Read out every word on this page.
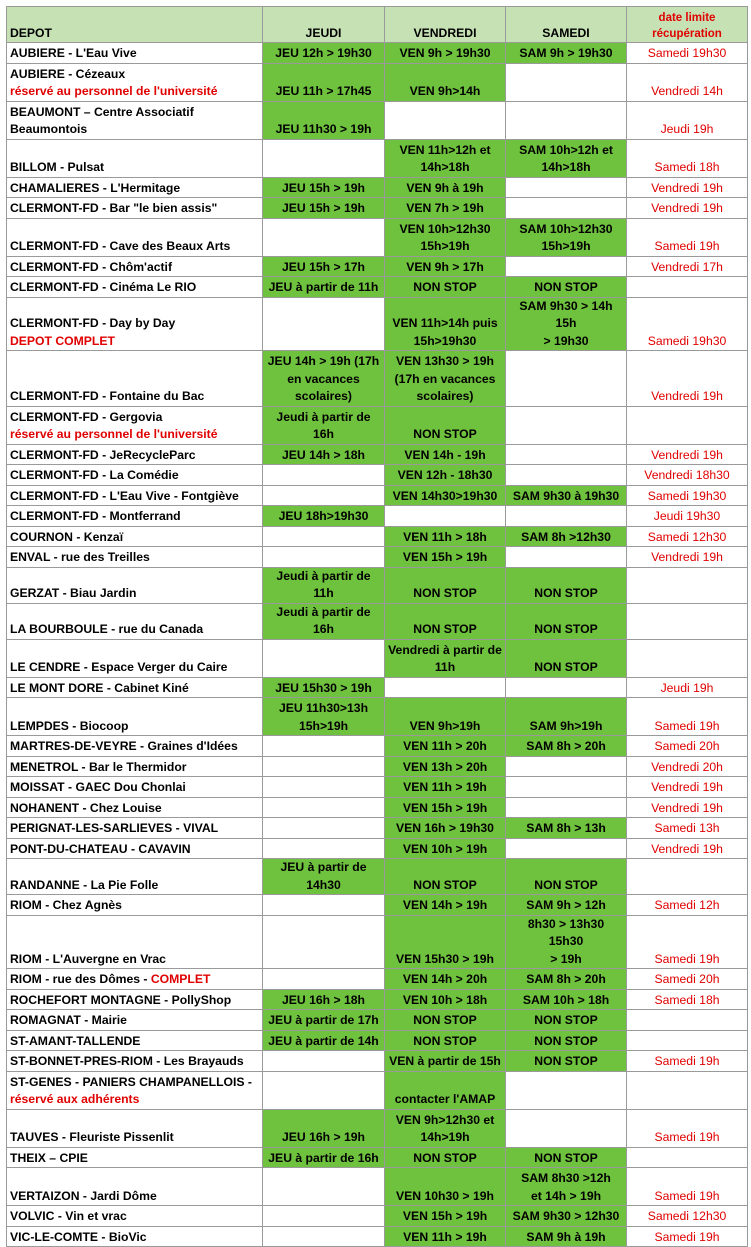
DEPOT	JEUDI	VENDREDI	SAMEDI	date limite
récupération

AUBIERE - L'Eau Vive	JEU 12h > 19h30	VEN 9h > 19h30	SAM 9h > 19h30	Samedi 19h30

AUBIERE - Cézeaux
réservé au personnel de l'université	JEU 11h > 17h45	VEN 9h>14h		Vendredi 14h

BEAUMONT – Centre Associatif
Beaumontois	JEU 11h30 > 19h			Jeudi 19h
BILLOM - Pulsat		VEN 11h>12h et
14h>18h	SAM 10h>12h et
14h>18h	Samedi 18h
CHAMALIERES - L'Hermitage	JEU 15h > 19h	VEN 9h à 19h		Vendredi 19h
CLERMONT-FD - Bar "le bien assis"	JEU 15h > 19h	VEN 7h > 19h		Vendredi 19h
CLERMONT-FD - Cave des Beaux Arts		VEN 10h>12h30
15h>19h	SAM 10h>12h30
15h>19h	Samedi 19h
CLERMONT-FD - Chôm'actif	JEU 15h > 17h	VEN 9h > 17h		Vendredi 17h
CLERMONT-FD - Cinéma Le RIO	JEU à partir de 11h	NON STOP	NON STOP	

CLERMONT-FD - Day by Day
DEPOT COMPLET		VEN 11h>14h puis
15h>19h30	SAM 9h30 > 14h 15h
> 19h30	Samedi 19h30
CLERMONT-FD - Fontaine du Bac	JEU 14h > 19h (17h
en vacances
scolaires)	VEN 13h30 > 19h
(17h en vacances
scolaires)		Vendredi 19h

CLERMONT-FD - Gergovia
réservé au personnel de l'université	Jeudi à partir de 16h	NON STOP		

CLERMONT-FD - JeRecycleParc	JEU 14h > 18h	VEN 14h - 19h		Vendredi 19h
CLERMONT-FD - La Comédie		VEN 12h - 18h30		Vendredi 18h30
CLERMONT-FD - L'Eau Vive - Fontgiève		VEN 14h30>19h30	SAM 9h30 à 19h30	Samedi 19h30
CLERMONT-FD - Montferrand	JEU 18h>19h30			Jeudi 19h30
COURNON - Kenzaï		VEN 11h > 18h	SAM 8h >12h30	Samedi 12h30
ENVAL - rue des Treilles		VEN 15h > 19h		Vendredi 19h
GERZAT - Biau Jardin	Jeudi à partir de 11h	NON STOP	NON STOP	

LA BOURBOULE - rue du Canada	Jeudi à partir de 16h	NON STOP	NON STOP	

LE CENDRE - Espace Verger du Caire		Vendredi à partir de
11h	NON STOP	

LE MONT DORE - Cabinet Kiné	JEU 15h30 > 19h			Jeudi 19h
LEMPDES - Biocoop	JEU 11h30>13h
15h>19h	VEN 9h>19h	SAM 9h>19h	Samedi 19h
MARTRES-DE-VEYRE - Graines d'Idées		VEN 11h > 20h	SAM 8h > 20h	Samedi 20h
MENETROL - Bar le Thermidor		VEN 13h > 20h		Vendredi 20h
MOISSAT - GAEC Dou Chonlai		VEN 11h > 19h		Vendredi 19h
NOHANENT - Chez Louise		VEN 15h > 19h		Vendredi 19h
PERIGNAT-LES-SARLIEVES - VIVAL		VEN 16h > 19h30	SAM 8h > 13h	Samedi 13h
PONT-DU-CHATEAU - CAVAVIN		VEN 10h > 19h		Vendredi 19h
RANDANNE - La Pie Folle	JEU à partir de 14h30	NON STOP	NON STOP	

RIOM - Chez Agnès		VEN 14h > 19h	SAM 9h > 12h	Samedi 12h
RIOM - L'Auvergne en Vrac		VEN 15h30 > 19h	8h30 > 13h30 15h30
> 19h	Samedi 19h
RIOM - rue des Dômes - COMPLET		VEN 14h > 20h	SAM 8h > 20h	Samedi 20h
ROCHEFORT MONTAGNE - PollyShop	JEU 16h > 18h	VEN 10h > 18h	SAM 10h > 18h	Samedi 18h
ROMAGNAT - Mairie	JEU à partir de 17h	NON STOP	NON STOP	

ST-AMANT-TALLENDE	JEU à partir de 14h	NON STOP	NON STOP	

ST-BONNET-PRES-RIOM - Les Brayauds		VEN à partir de 15h	NON STOP	Samedi 19h

ST-GENES - PANIERS CHAMPANELLOIS -
réservé aux adhérents		contacter l'AMAP		

TAUVES - Fleuriste Pissenlit	JEU 16h > 19h	VEN 9h>12h30 et
14h>19h		Samedi 19h
THEIX – CPIE	JEU à partir de 16h	NON STOP	NON STOP	

VERTAIZON - Jardi Dôme		VEN 10h30 > 19h	SAM 8h30 >12h
et 14h > 19h	Samedi 19h
VOLVIC - Vin et vrac		VEN 15h > 19h	SAM 9h30 > 12h30	Samedi 12h30
VIC-LE-COMTE - BioVic		VEN 11h > 19h	SAM 9h à 19h	Samedi 19h
